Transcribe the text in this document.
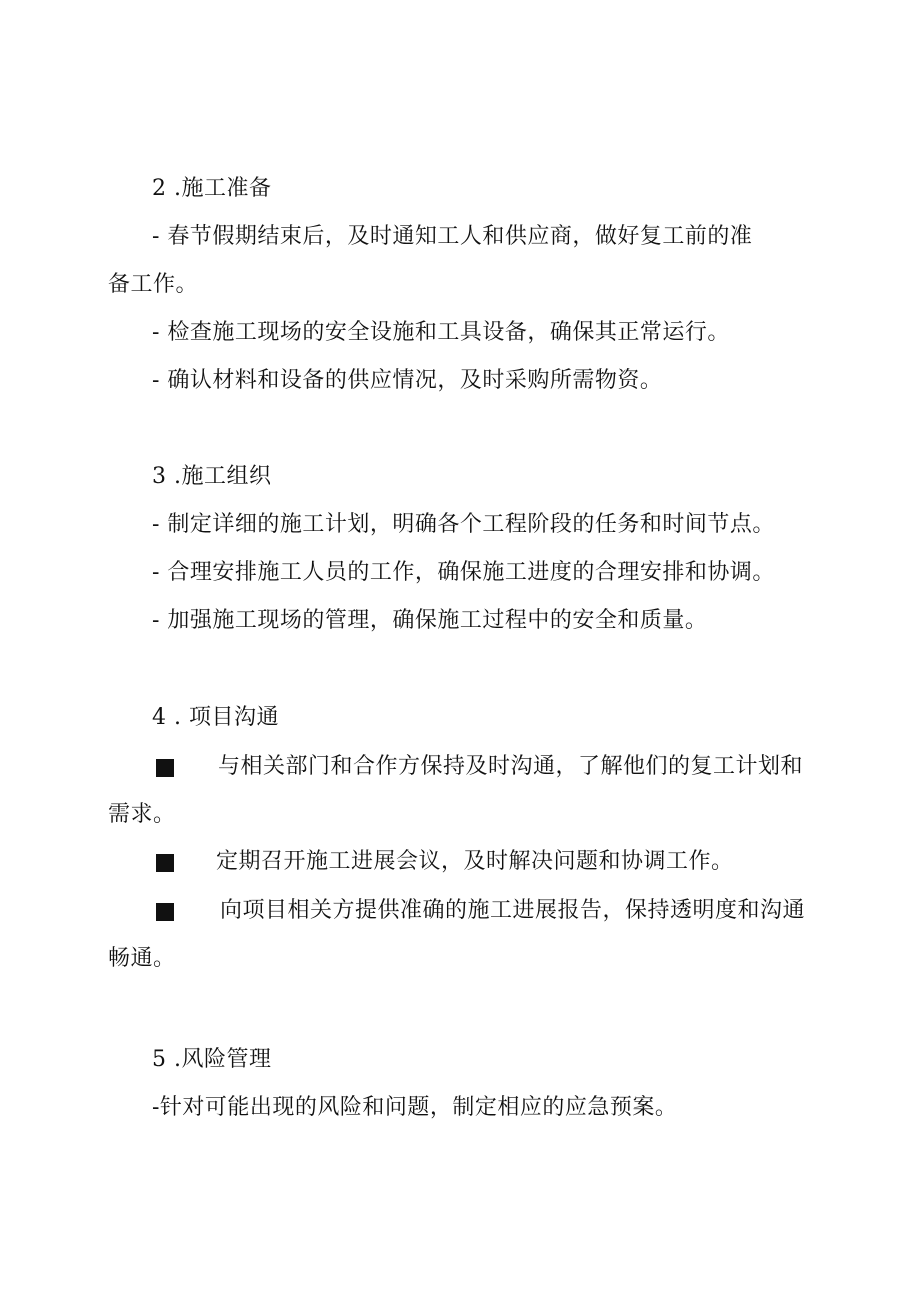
2 .施工准备
- 春节假期结束后，及时通知工人和供应商，做好复工前的准
备工作。
- 检查施工现场的安全设施和工具设备，确保其正常运行。
- 确认材料和设备的供应情况，及时采购所需物资。
3 .施工组织
- 制定详细的施工计划，明确各个工程阶段的任务和时间节点。
- 合理安排施工人员的工作，确保施工进度的合理安排和协调。
- 加强施工现场的管理，确保施工过程中的安全和质量。
4 . 项目沟通
与相关部门和合作方保持及时沟通，了解他们的复工计划和
需求。
定期召开施工进展会议，及时解决问题和协调工作。
向项目相关方提供准确的施工进展报告，保持透明度和沟通
畅通。
5 .风险管理
-针对可能出现的风险和问题，制定相应的应急预案。
